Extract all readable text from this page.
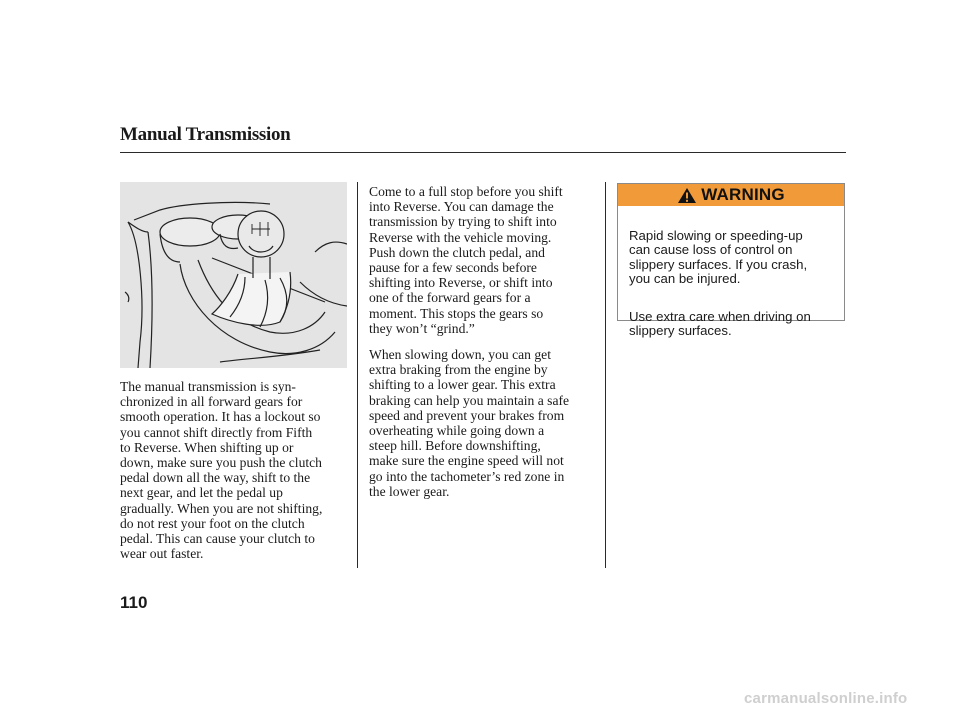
Manual Transmission
The manual transmission is syn-
chronized in all forward gears for
smooth operation. It has a lockout so
you cannot shift directly from Fifth
to Reverse. When shifting up or
down, make sure you push the clutch
pedal down all the way, shift to the
next gear, and let the pedal up
gradually. When you are not shifting,
do not rest your foot on the clutch
pedal. This can cause your clutch to
wear out faster.
Come to a full stop before you shift
into Reverse. You can damage the
transmission by trying to shift into
Reverse with the vehicle moving.
Push down the clutch pedal, and
pause for a few seconds before
shifting into Reverse, or shift into
one of the forward gears for a
moment. This stops the gears so
they won’t “grind.”
When slowing down, you can get
extra braking from the engine by
shifting to a lower gear. This extra
braking can help you maintain a safe
speed and prevent your brakes from
overheating while going down a
steep hill. Before downshifting,
make sure the engine speed will not
go into the tachometer’s red zone in
the lower gear.
WARNING

Rapid slowing or speeding-up
can cause loss of control on
slippery surfaces. If you crash,
you can be injured.

Use extra care when driving on
slippery surfaces.

110
carmanualsonline.info
